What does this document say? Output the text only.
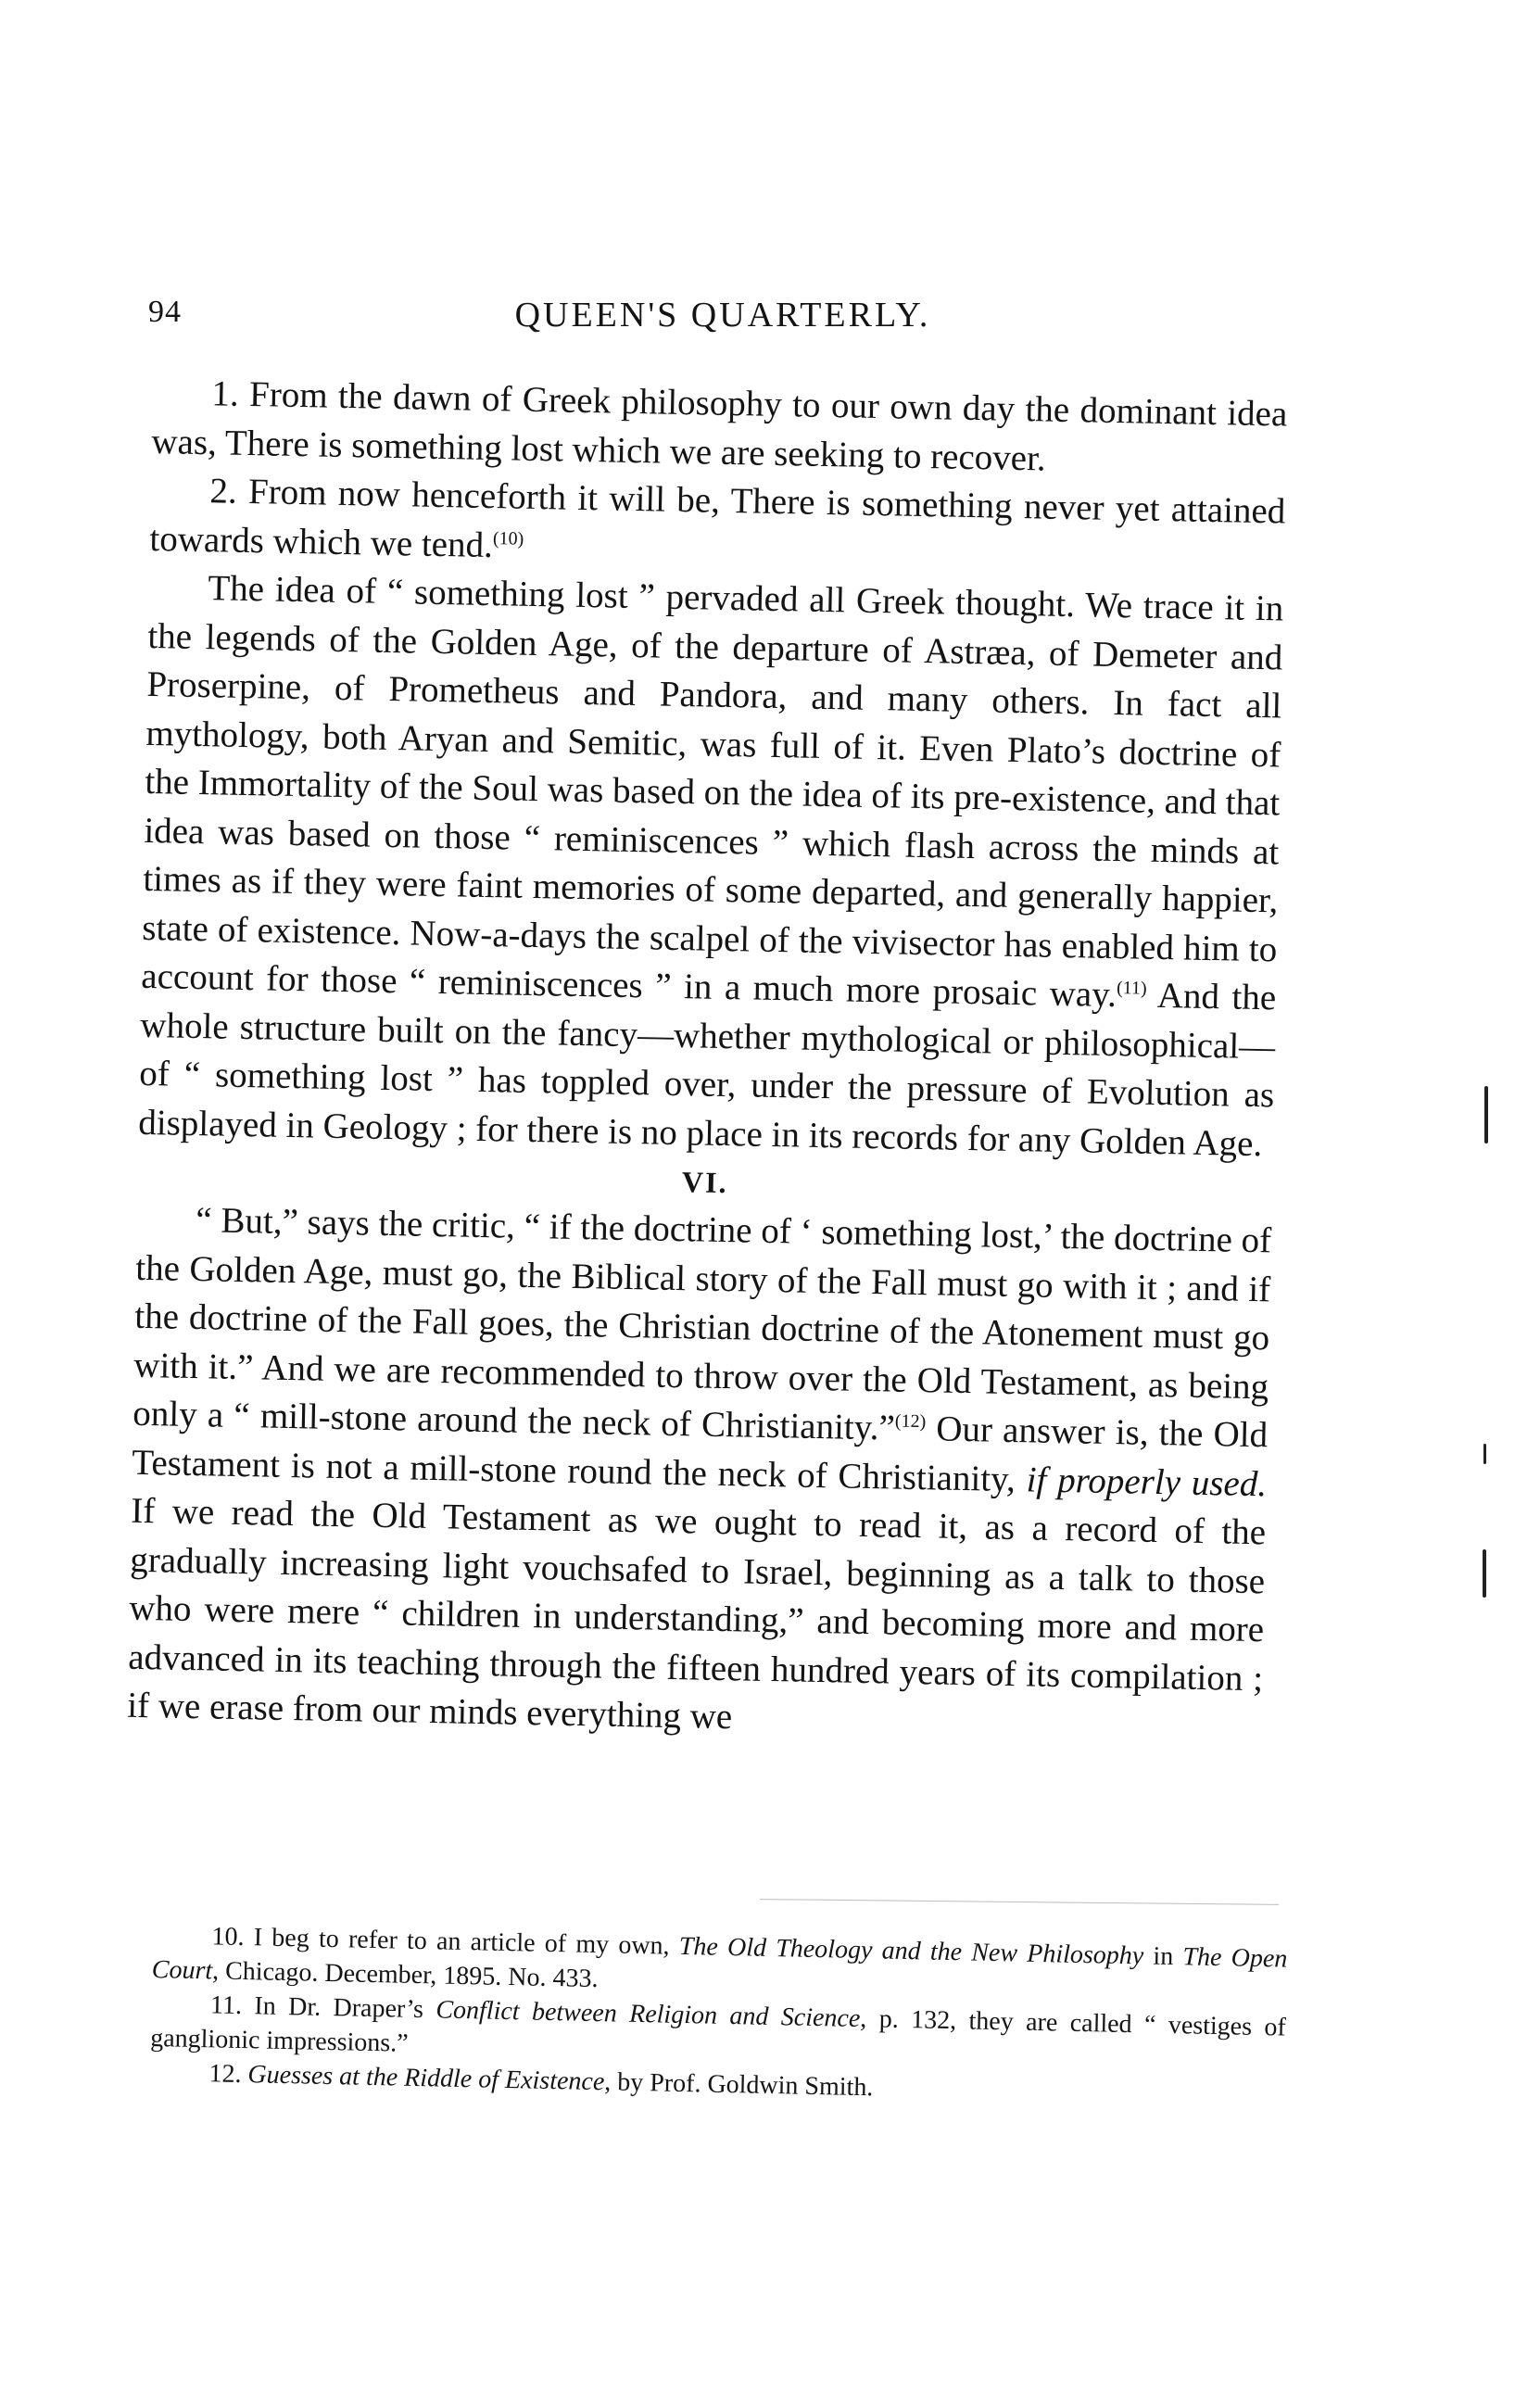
94	QUEEN'S QUARTERLY.

1. From the dawn of Greek philosophy to our own day the dominant idea was, There is something lost which we are seeking to recover.

2. From now henceforth it will be, There is something never yet attained towards which we tend.$^{(10)}$

The idea of “ something lost ” pervaded all Greek thought. We trace it in the legends of the Golden Age, of the departure of Astræa, of Demeter and Proserpine, of Prometheus and Pandora, and many others. In fact all mythology, both Aryan and Semitic, was full of it. Even Plato’s doctrine of the Immortality of the Soul was based on the idea of its pre-existence, and that idea was based on those “ reminiscences ” which flash across the minds at times as if they were faint memories of some departed, and generally happier, state of existence. Now-a-days the scalpel of the vivisector has enabled him to account for those “ reminiscences ” in a much more prosaic way.$^{(11)}$ And the whole structure built on the fancy—whether mythological or philosophical—of “ something lost ” has toppled over, under the pressure of Evolution as displayed in Geology ; for there is no place in its records for any Golden Age.

VI.

“ But,” says the critic, “ if the doctrine of ‘ something lost,’ the doctrine of the Golden Age, must go, the Biblical story of the Fall must go with it ; and if the doctrine of the Fall goes, the Christian doctrine of the Atonement must go with it.” And we are recommended to throw over the Old Testament, as being only a “ mill-stone around the neck of Christianity.”$^{(12)}$ Our answer is, the Old Testament is not a mill-stone round the neck of Christianity, if properly used. If we read the Old Testament as we ought to read it, as a record of the gradually increasing light vouchsafed to Israel, beginning as a talk to those who were mere “ children in understanding,” and becoming more and more advanced in its teaching through the fifteen hundred years of its compilation ; if we erase from our minds everything we

10. I beg to refer to an article of my own, The Old Theology and the New Philosophy in The Open Court, Chicago. December, 1895. No. 433.

11. In Dr. Draper’s Conflict between Religion and Science, p. 132, they are called “ vestiges of ganglionic impressions.”

12. Guesses at the Riddle of Existence, by Prof. Goldwin Smith.
